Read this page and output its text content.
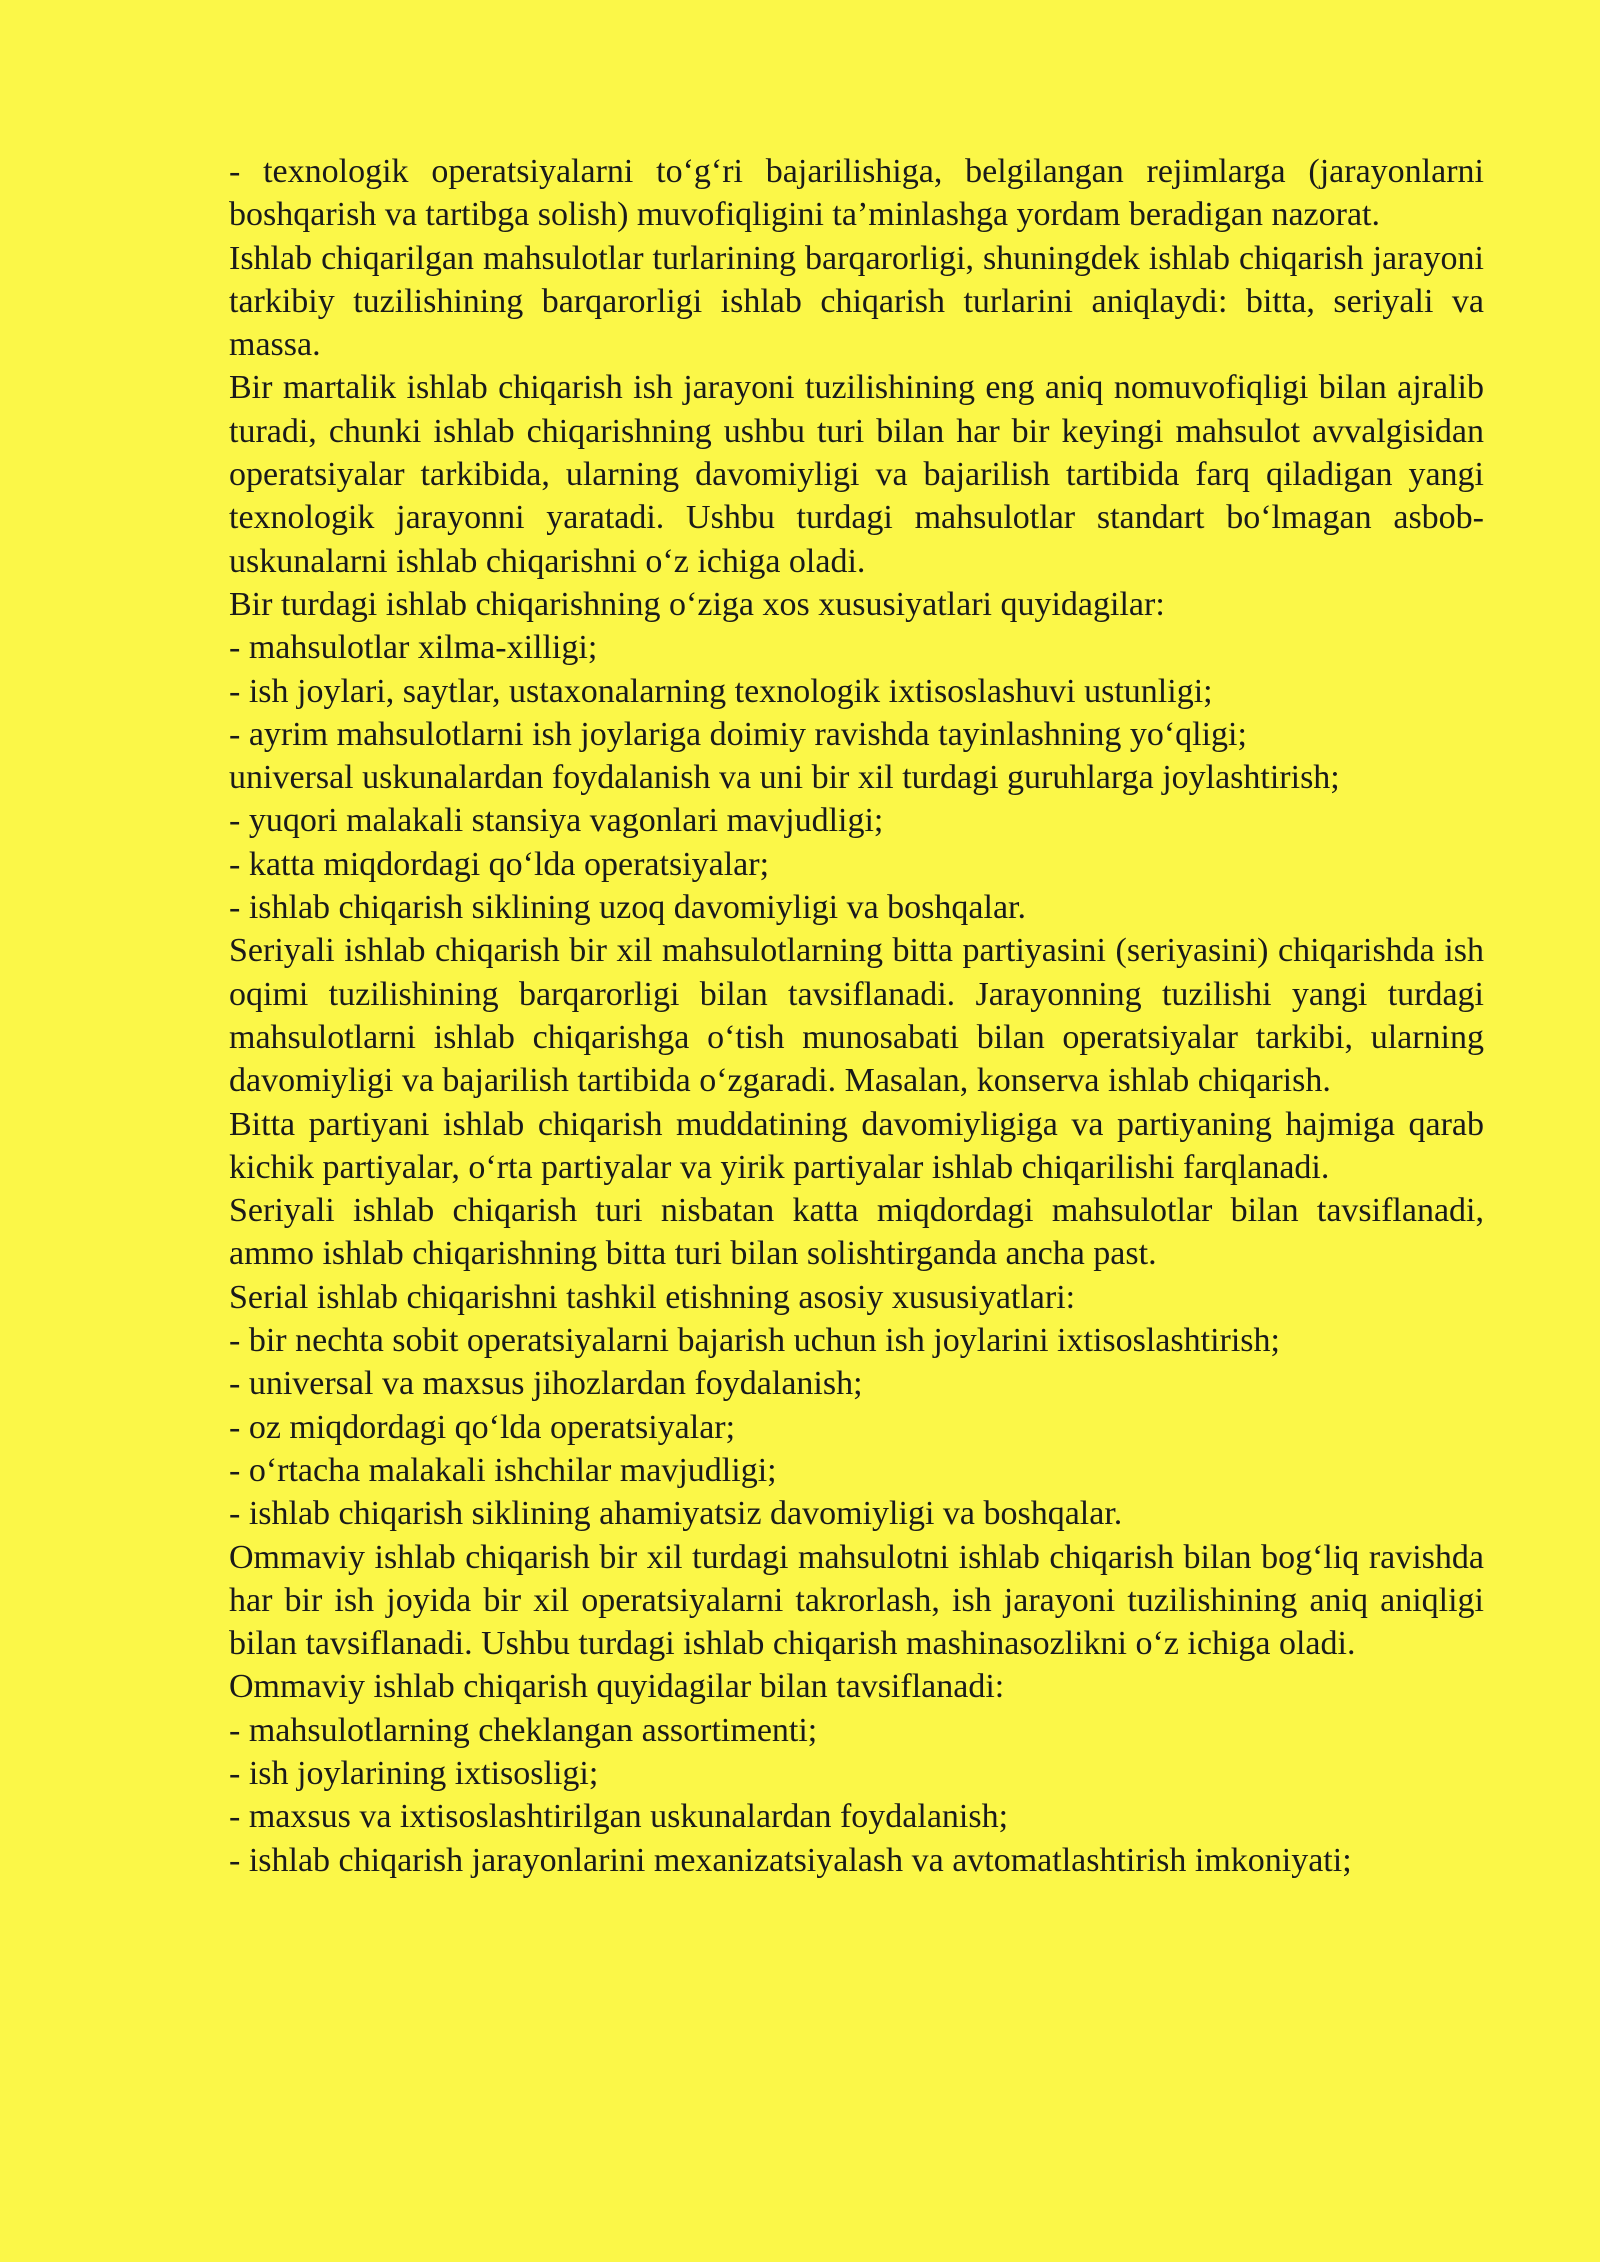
- texnologik operatsiyalarni to‘g‘ri bajarilishiga, belgilangan rejimlarga (jarayonlarni boshqarish va tartibga solish) muvofiqligini ta’minlashga yordam beradigan nazorat.

Ishlab chiqarilgan mahsulotlar turlarining barqarorligi, shuningdek ishlab chiqarish jarayoni tarkibiy tuzilishining barqarorligi ishlab chiqarish turlarini aniqlaydi: bitta, seriyali va massa.

Bir martalik ishlab chiqarish ish jarayoni tuzilishining eng aniq nomuvofiqligi bilan ajralib turadi, chunki ishlab chiqarishning ushbu turi bilan har bir keyingi mahsulot avvalgisidan operatsiyalar tarkibida, ularning davomiyligi va bajarilish tartibida farq qiladigan yangi texnologik jarayonni yaratadi. Ushbu turdagi mahsulotlar standart bo‘lmagan asbob-uskunalarni ishlab chiqarishni o‘z ichiga oladi.

Bir turdagi ishlab chiqarishning o‘ziga xos xususiyatlari quyidagilar:

- mahsulotlar xilma-xilligi;

- ish joylari, saytlar, ustaxonalarning texnologik ixtisoslashuvi ustunligi;

- ayrim mahsulotlarni ish joylariga doimiy ravishda tayinlashning yo‘qligi;

universal uskunalardan foydalanish va uni bir xil turdagi guruhlarga joylashtirish;

- yuqori malakali stansiya vagonlari mavjudligi;

- katta miqdordagi qo‘lda operatsiyalar;

- ishlab chiqarish siklining uzoq davomiyligi va boshqalar.

Seriyali ishlab chiqarish bir xil mahsulotlarning bitta partiyasini (seriyasini) chiqarishda ish oqimi tuzilishining barqarorligi bilan tavsiflanadi. Jarayonning tuzilishi yangi turdagi mahsulotlarni ishlab chiqarishga o‘tish munosabati bilan operatsiyalar tarkibi, ularning davomiyligi va bajarilish tartibida o‘zgaradi. Masalan, konserva ishlab chiqarish.

Bitta partiyani ishlab chiqarish muddatining davomiyligiga va partiyaning hajmiga qarab kichik partiyalar, o‘rta partiyalar va yirik partiyalar ishlab chiqarilishi farqlanadi.

Seriyali ishlab chiqarish turi nisbatan katta miqdordagi mahsulotlar bilan tavsiflanadi, ammo ishlab chiqarishning bitta turi bilan solishtirganda ancha past.

Serial ishlab chiqarishni tashkil etishning asosiy xususiyatlari:

- bir nechta sobit operatsiyalarni bajarish uchun ish joylarini ixtisoslashtirish;

- universal va maxsus jihozlardan foydalanish;

- oz miqdordagi qo‘lda operatsiyalar;

- o‘rtacha malakali ishchilar mavjudligi;

- ishlab chiqarish siklining ahamiyatsiz davomiyligi va boshqalar.

Ommaviy ishlab chiqarish bir xil turdagi mahsulotni ishlab chiqarish bilan bog‘liq ravishda har bir ish joyida bir xil operatsiyalarni takrorlash, ish jarayoni tuzilishining aniq aniqligi bilan tavsiflanadi. Ushbu turdagi ishlab chiqarish mashinasozlikni o‘z ichiga oladi.

Ommaviy ishlab chiqarish quyidagilar bilan tavsiflanadi:

- mahsulotlarning cheklangan assortimenti;

- ish joylarining ixtisosligi;

- maxsus va ixtisoslashtirilgan uskunalardan foydalanish;

- ishlab chiqarish jarayonlarini mexanizatsiyalash va avtomatlashtirish imkoniyati;
